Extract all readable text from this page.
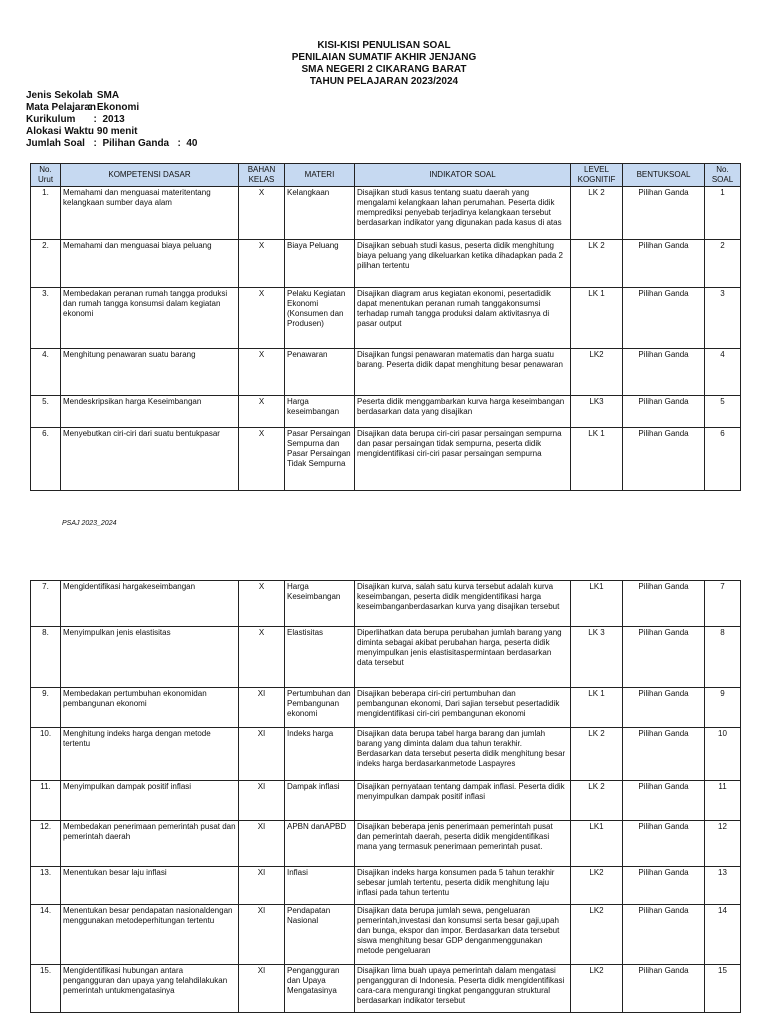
KISI-KISI PENULISAN SOAL
PENILAIAN SUMATIF AKHIR JENJANG
SMA NEGERI 2 CIKARANG BARAT
TAHUN PELAJARAN 2023/2024
Jenis Sekolah:  SMA
Mata Pelajaran:  Ekonomi
Kurikulum  :  2013
Alokasi Waktu:  90 menit
Jumlah Soal  :  Pilihan Ganda   :  40
No. Urut	KOMPETENSI DASAR	BAHAN KELAS	MATERI	INDIKATOR SOAL	LEVEL KOGNITIF	BENTUKSOAL	No. SOAL
1.	Memahami dan menguasai materitentang kelangkaan sumber daya alam	X	Kelangkaan	Disajikan studi kasus tentang suatu daerah yang mengalami kelangkaan lahan perumahan. Peserta didik memprediksi penyebab terjadinya kelangkaan tersebut berdasarkan indikator yang digunakan pada kasus di atas	LK 2	Pilihan Ganda	1
2.	Memahami dan menguasai biaya peluang	X	Biaya Peluang	Disajikan sebuah studi kasus, peserta didik menghitung biaya peluang yang dikeluarkan ketika dihadapkan pada 2 pilihan tertentu	LK 2	Pilihan Ganda	2
3.	Membedakan peranan rumah tangga produksi dan rumah tangga konsumsi dalam kegiatan ekonomi	X	Pelaku Kegiatan Ekonomi (Konsumen dan Produsen)	Disajikan diagram arus kegiatan ekonomi, pesertadidik dapat menentukan peranan rumah tanggakonsumsi terhadap rumah tangga produksi dalam aktivitasnya di pasar output	LK 1	Pilihan Ganda	3
4.	Menghitung penawaran suatu barang	X	Penawaran	Disajikan fungsi penawaran matematis dan harga suatu barang. Peserta didik dapat menghitung besar penawaran	LK2	Pilihan Ganda	4
5.	Mendeskripsikan harga Keseimbangan	X	Harga keseimbangan	Peserta didik menggambarkan kurva harga keseimbangan berdasarkan data yang disajikan	LK3	Pilihan Ganda	5
6.	Menyebutkan ciri-ciri dari suatu bentukpasar	X	Pasar Persaingan Sempurna dan Pasar Persaingan Tidak Sempurna	Disajikan data berupa ciri-ciri pasar persaingan sempurna dan pasar persaingan tidak sempurna, peserta didik mengidentifikasi ciri-ciri pasar persaingan sempurna	LK 1	Pilihan Ganda	6
PSAJ 2023_2024
7.	Mengidentifikasi hargakeseimbangan	X	Harga Keseimbangan	Disajikan kurva, salah satu kurva tersebut adalah kurva keseimbangan, peserta didik mengidentifikasi harga keseimbanganberdasarkan kurva yang disajikan tersebut	LK1	Pilihan Ganda	7
8.	Menyimpulkan jenis elastisitas	X	Elastisitas	Diperlihatkan data berupa perubahan jumlah barang yang diminta sebagai akibat perubahan harga, peserta didik menyimpulkan jenis elastisitaspermintaan berdasarkan data tersebut	LK 3	Pilihan Ganda	8
9.	Membedakan pertumbuhan ekonomidan pembangunan ekonomi	XI	Pertumbuhan dan Pembangunan ekonomi	Disajikan beberapa ciri-ciri pertumbuhan dan pembangunan ekonomi, Dari sajian tersebut pesertadidik mengidentifikasi ciri-ciri pembangunan ekonomi	LK 1	Pilihan Ganda	9
10.	Menghitung indeks harga dengan metode tertentu	XI	Indeks harga	Disajikan data berupa tabel harga barang dan jumlah barang yang diminta dalam dua tahun terakhir. Berdasarkan data tersebut peserta didik menghitung besar indeks harga berdasarkanmetode Laspayres	LK 2	Pilihan Ganda	10
11.	Menyimpulkan dampak positif inflasi	XI	Dampak inflasi	Disajikan pernyataan tentang dampak inflasi. Peserta didik menyimpulkan dampak positif inflasi	LK 2	Pilihan Ganda	11
12.	Membedakan penerimaan pemerintah pusat dan pemerintah daerah	XI	APBN danAPBD	Disajikan beberapa jenis penerimaan pemerintah pusat dan pemerintah daerah, peserta didik mengidentifikasi mana yang termasuk penerimaan pemerintah pusat.	LK1	Pilihan Ganda	12
13.	Menentukan besar laju inflasi	XI	Inflasi	Disajikan indeks harga konsumen pada 5 tahun terakhir sebesar jumlah tertentu, peserta didik menghitung laju inflasi pada tahun tertentu	LK2	Pilihan Ganda	13
14.	Menentukan besar pendapatan nasionaldengan menggunakan metodeperhitungan tertentu	XI	Pendapatan Nasional	Disajikan data berupa jumlah sewa, pengeluaran pemerintah,investasi dan konsumsi serta besar gaji,upah dan bunga, ekspor dan impor. Berdasarkan data tersebut siswa menghitung besar GDP denganmenggunakan metode pengeluaran	LK2	Pilihan Ganda	14
15.	Mengidentifikasi hubungan antara pengangguran dan upaya yang telahdilakukan pemerintah untukmengatasinya	XI	Pengangguran dan Upaya Mengatasinya	Disajikan lima buah upaya pemerintah dalam mengatasi pengangguran di Indonesia. Peserta didik mengidentifikasi cara-cara mengurangi tingkat pengangguran struktural berdasarkan indikator tersebut	LK2	Pilihan Ganda	15
